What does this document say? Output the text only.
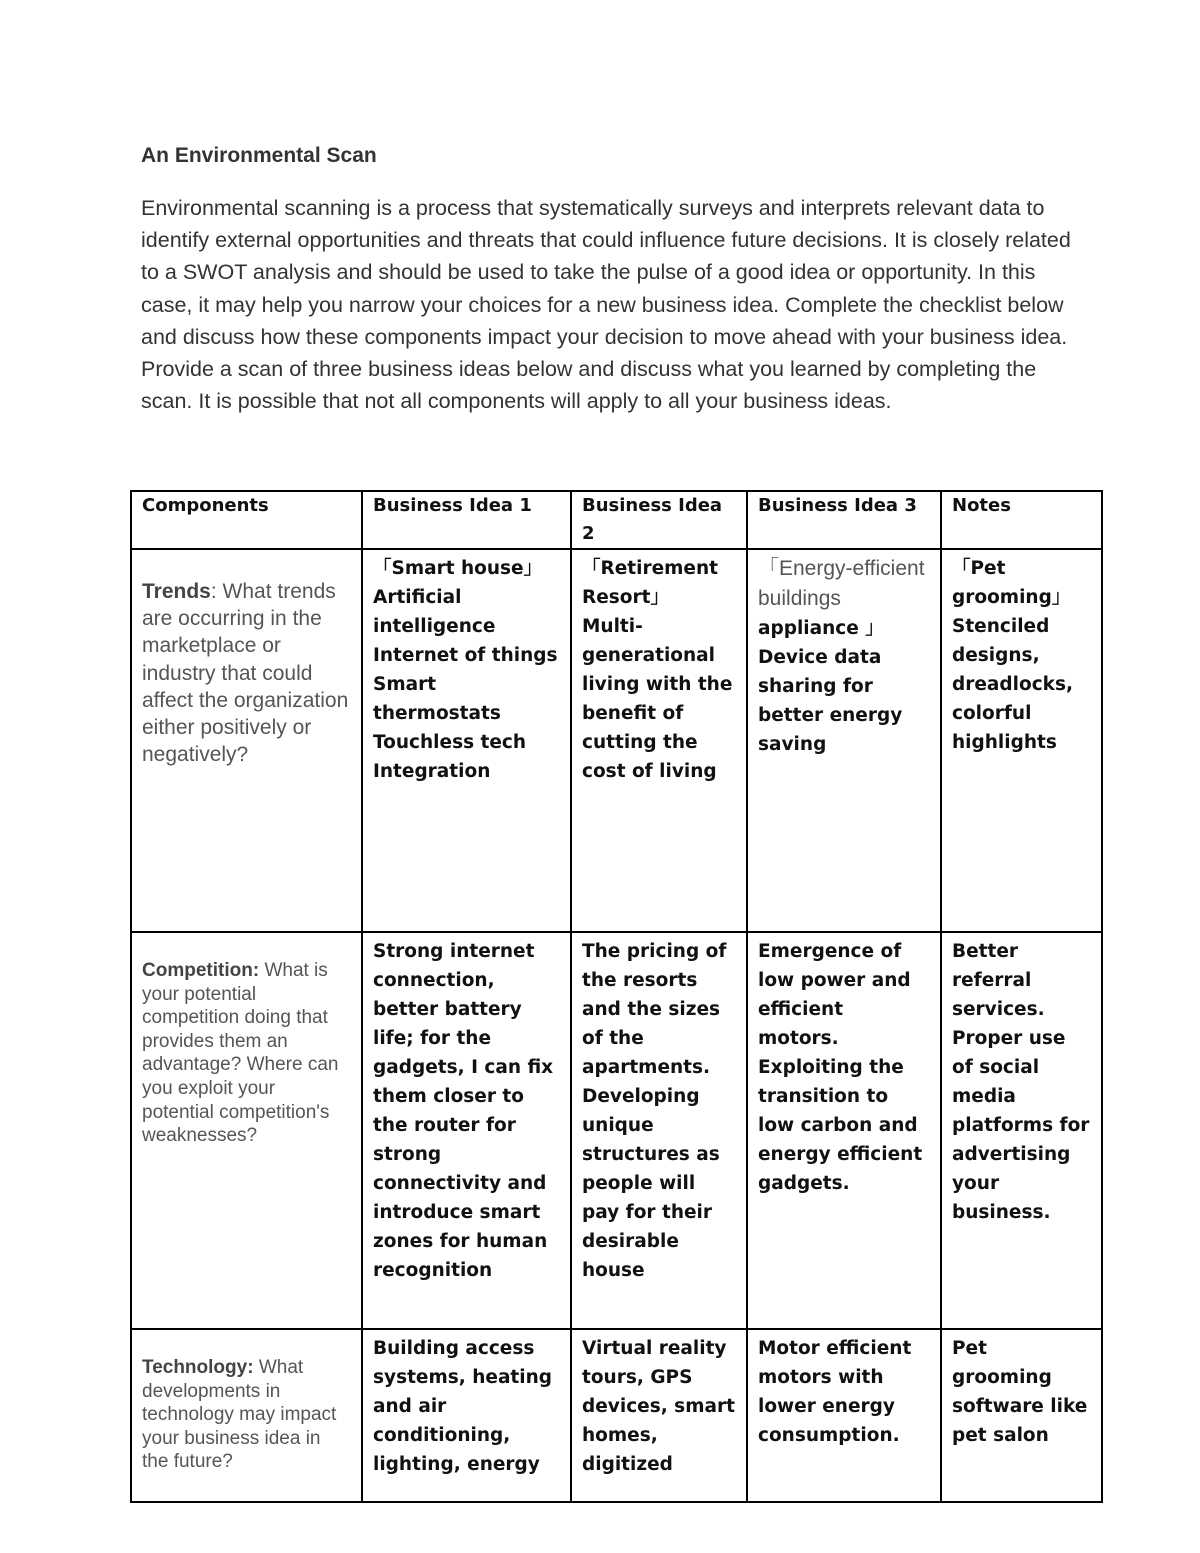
An Environmental Scan

Environmental scanning is a process that systematically surveys and interprets relevant data to identify external opportunities and threats that could influence future decisions. It is closely related to a SWOT analysis and should be used to take the pulse of a good idea or opportunity. In this case, it may help you narrow your choices for a new business idea. Complete the checklist below and discuss how these components impact your decision to move ahead with your business idea. Provide a scan of three business ideas below and discuss what you learned by completing the scan. It is possible that not all components will apply to all your business ideas.

Components	Business Idea 1	Business Idea 2	Business Idea 3	Notes
Trends: What trends are occurring in the marketplace or industry that could affect the organization either positively or negatively?	「Smart house」 Artificial intelligence Internet of things Smart thermostats Touchless tech Integration	「Retirement Resort」 Multi-generational living with the benefit of cutting the cost of living	「Energy-efficient buildings appliance 」 Device data sharing for better energy saving	「Pet grooming」 Stenciled designs, dreadlocks, colorful highlights
Competition: What is your potential competition doing that provides them an advantage? Where can you exploit your potential competition's weaknesses?	Strong internet connection, better battery life; for the gadgets, I can fix them closer to the router for strong connectivity and introduce smart zones for human recognition	The pricing of the resorts and the sizes of the apartments. Developing unique structures as people will pay for their desirable house	Emergence of low power and efficient motors. Exploiting the transition to low carbon and energy efficient gadgets.	Better referral services. Proper use of social media platforms for advertising your business.

Technology: What developments in technology may impact your business idea in the future?	Building access systems, heating and air conditioning, lighting, energy	Virtual reality tours, GPS devices, smart homes, digitized	Motor efficient motors with lower energy consumption.	Pet grooming software like pet salon
